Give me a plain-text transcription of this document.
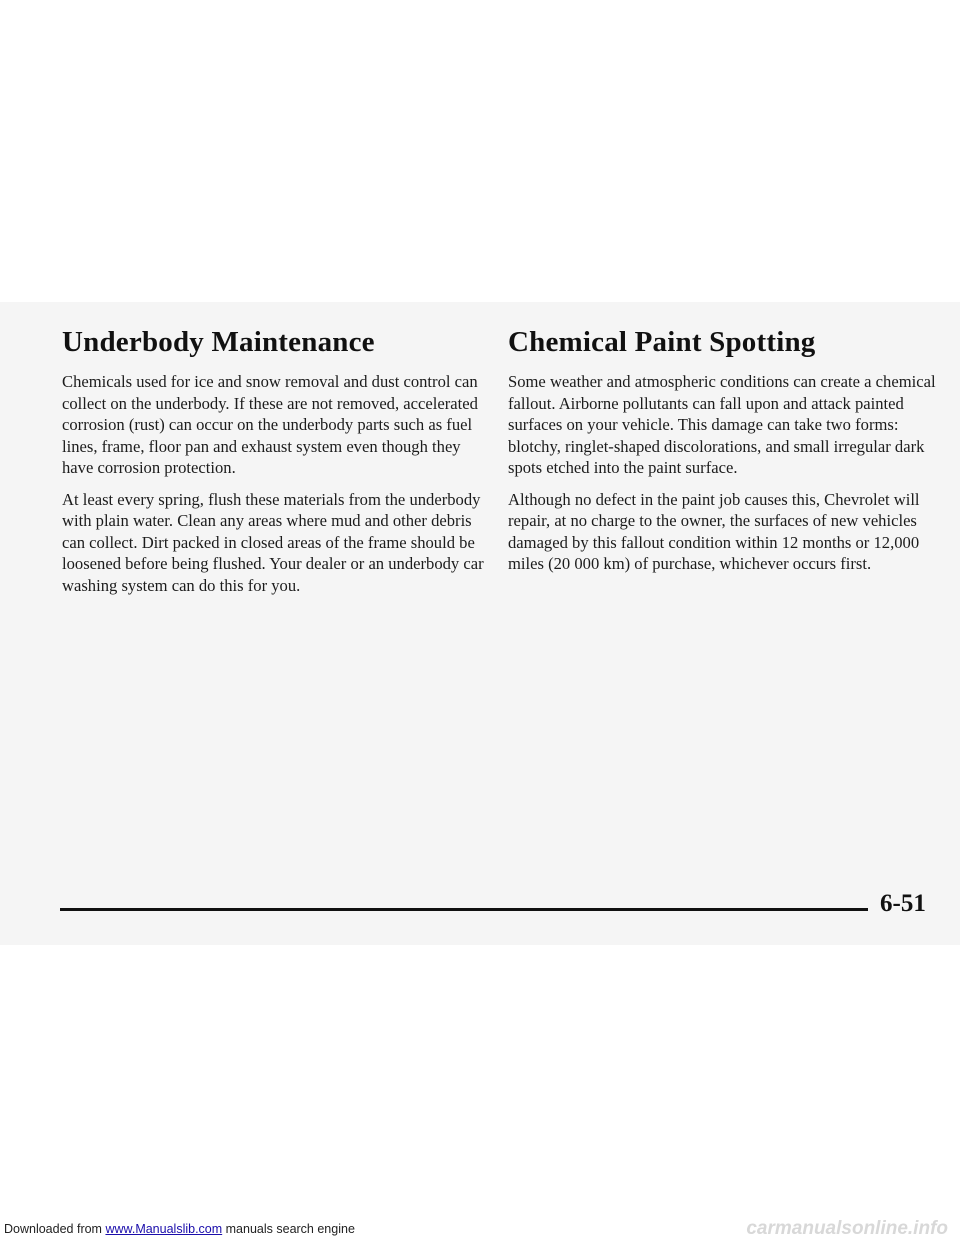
Underbody Maintenance

Chemicals used for ice and snow removal and dust control can collect on the underbody. If these are not removed, accelerated corrosion (rust) can occur on the underbody parts such as fuel lines, frame, floor pan and exhaust system even though they have corrosion protection.

At least every spring, flush these materials from the underbody with plain water. Clean any areas where mud and other debris can collect. Dirt packed in closed areas of the frame should be loosened before being flushed. Your dealer or an underbody car washing system can do this for you.

Chemical Paint Spotting

Some weather and atmospheric conditions can create a chemical fallout. Airborne pollutants can fall upon and attack painted surfaces on your vehicle. This damage can take two forms: blotchy, ringlet-shaped discolorations, and small irregular dark spots etched into the paint surface.

Although no defect in the paint job causes this, Chevrolet will repair, at no charge to the owner, the surfaces of new vehicles damaged by this fallout condition within 12 months or 12,000 miles (20 000 km) of purchase, whichever occurs first.

6-51
Downloaded from www.Manualslib.com manuals search engine	carmanualsonline.info
